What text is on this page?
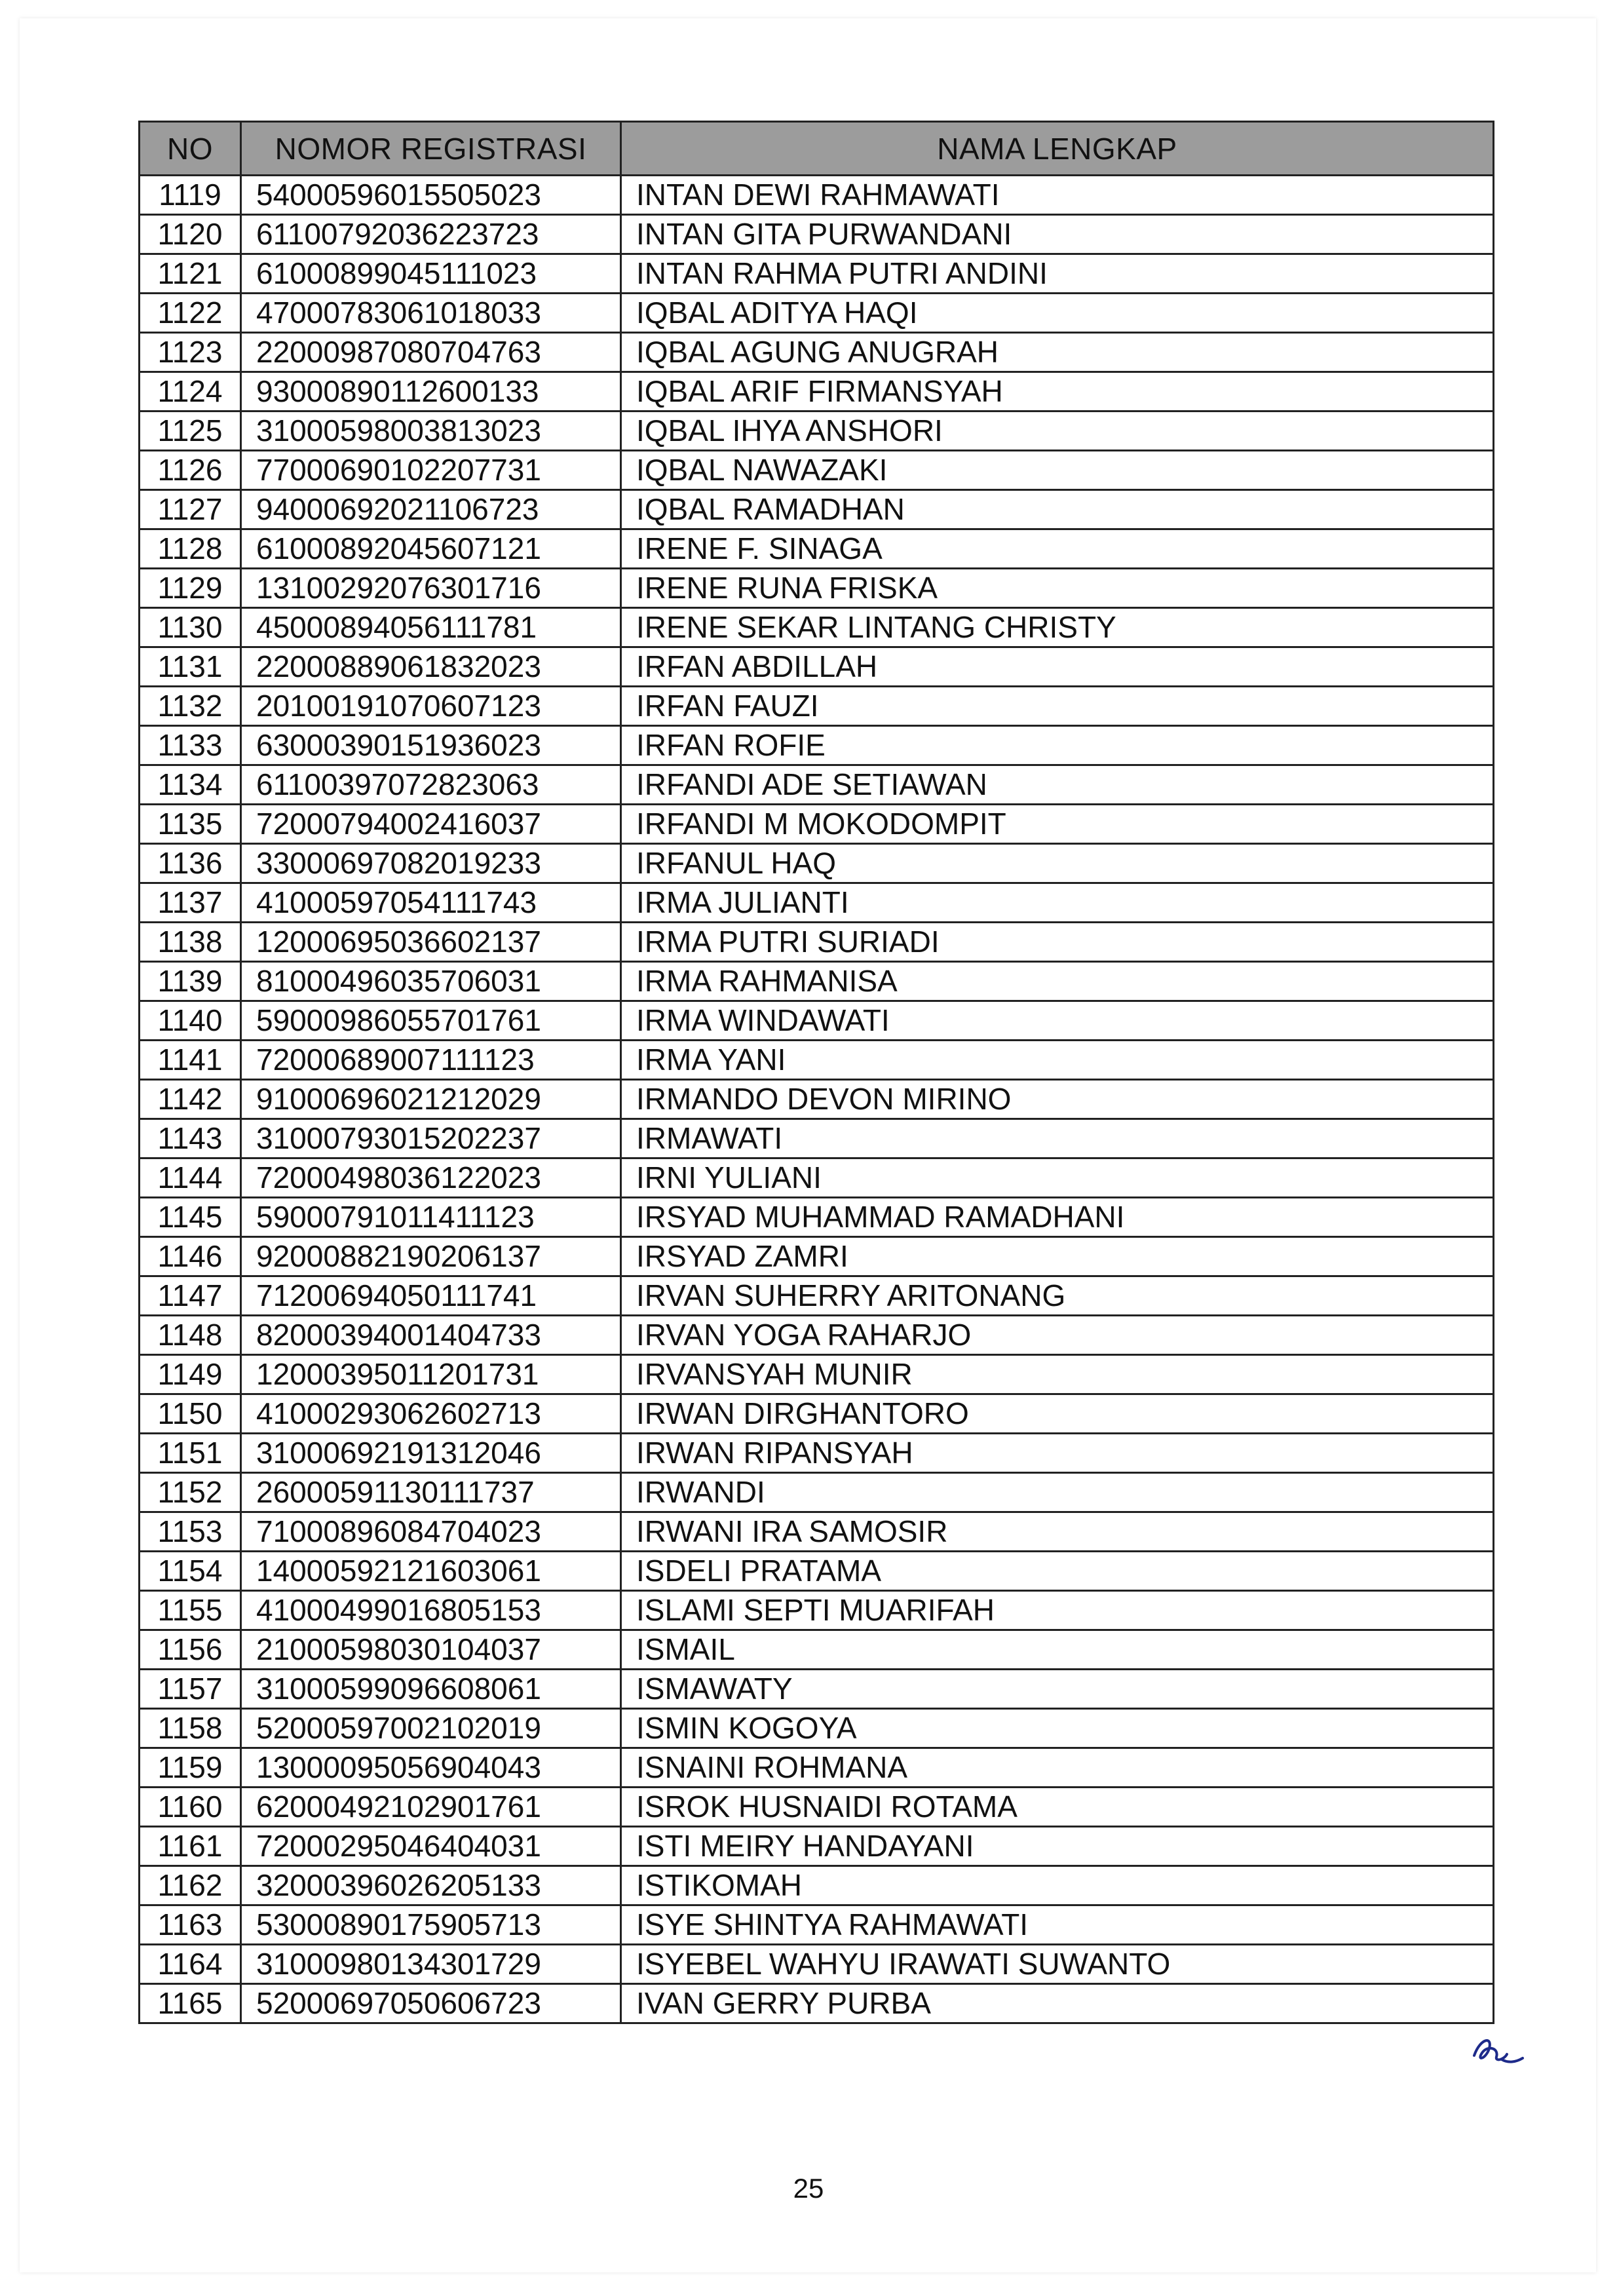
NO	NOMOR REGISTRASI	NAMA LENGKAP
1119	54000596015505023	INTAN DEWI RAHMAWATI
1120	61100792036223723	INTAN GITA PURWANDANI
1121	61000899045111023	INTAN RAHMA PUTRI ANDINI
1122	47000783061018033	IQBAL ADITYA HAQI
1123	22000987080704763	IQBAL AGUNG ANUGRAH
1124	93000890112600133	IQBAL ARIF FIRMANSYAH
1125	31000598003813023	IQBAL IHYA ANSHORI
1126	77000690102207731	IQBAL NAWAZAKI
1127	94000692021106723	IQBAL RAMADHAN
1128	61000892045607121	IRENE F. SINAGA
1129	13100292076301716	IRENE RUNA FRISKA
1130	45000894056111781	IRENE SEKAR LINTANG CHRISTY
1131	22000889061832023	IRFAN ABDILLAH
1132	20100191070607123	IRFAN FAUZI
1133	63000390151936023	IRFAN ROFIE
1134	61100397072823063	IRFANDI ADE SETIAWAN
1135	72000794002416037	IRFANDI M MOKODOMPIT
1136	33000697082019233	IRFANUL HAQ
1137	41000597054111743	IRMA JULIANTI
1138	12000695036602137	IRMA PUTRI SURIADI
1139	81000496035706031	IRMA RAHMANISA
1140	59000986055701761	IRMA WINDAWATI
1141	72000689007111123	IRMA YANI
1142	91000696021212029	IRMANDO DEVON MIRINO
1143	31000793015202237	IRMAWATI
1144	72000498036122023	IRNI YULIANI
1145	59000791011411123	IRSYAD MUHAMMAD RAMADHANI
1146	92000882190206137	IRSYAD ZAMRI
1147	71200694050111741	IRVAN SUHERRY ARITONANG
1148	82000394001404733	IRVAN YOGA RAHARJO
1149	12000395011201731	IRVANSYAH MUNIR
1150	41000293062602713	IRWAN DIRGHANTORO
1151	31000692191312046	IRWAN RIPANSYAH
1152	26000591130111737	IRWANDI
1153	71000896084704023	IRWANI IRA SAMOSIR
1154	14000592121603061	ISDELI PRATAMA
1155	41000499016805153	ISLAMI SEPTI MUARIFAH
1156	21000598030104037	ISMAIL
1157	31000599096608061	ISMAWATY
1158	52000597002102019	ISMIN KOGOYA
1159	13000095056904043	ISNAINI ROHMANA
1160	62000492102901761	ISROK HUSNAIDI ROTAMA
1161	72000295046404031	ISTI MEIRY HANDAYANI
1162	32000396026205133	ISTIKOMAH
1163	53000890175905713	ISYE SHINTYA RAHMAWATI
1164	31000980134301729	ISYEBEL WAHYU IRAWATI SUWANTO
1165	52000697050606723	IVAN GERRY PURBA
25
